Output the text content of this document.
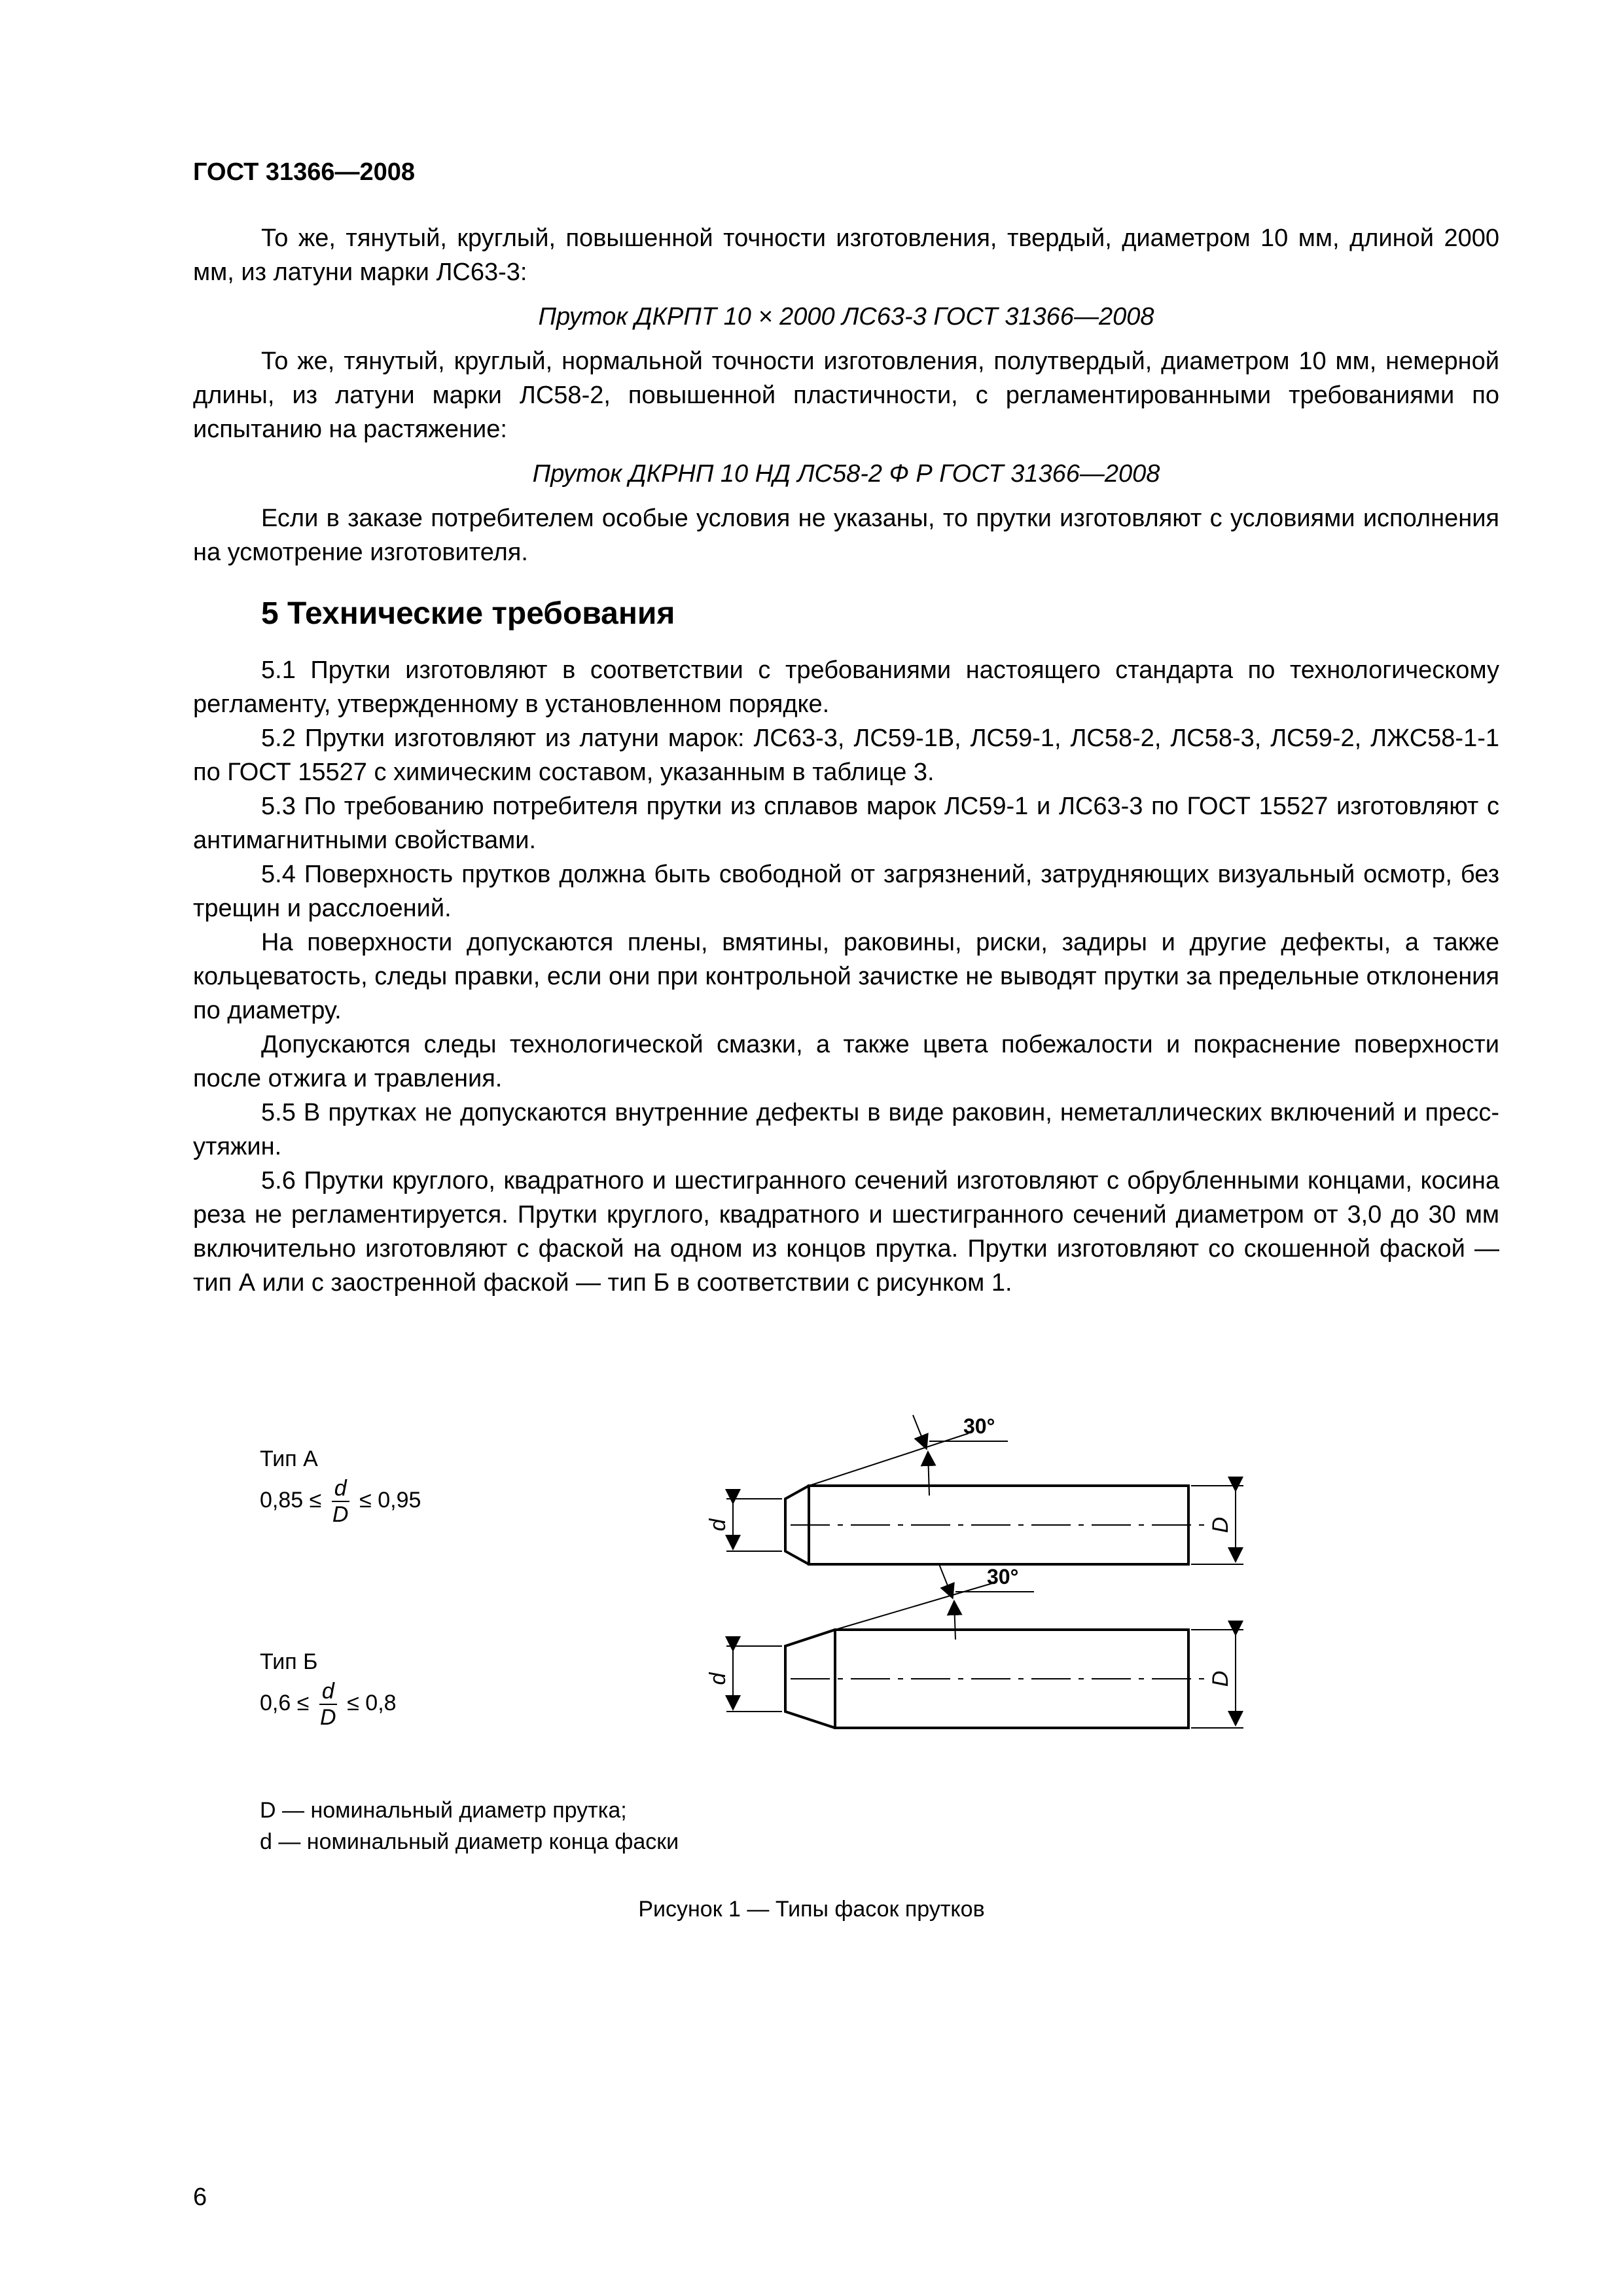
ГОСТ 31366—2008

То же, тянутый, круглый, повышенной точности изготовления, твердый, диаметром 10 мм, длиной 2000 мм, из латуни марки ЛС63-3:

Пруток ДКРПТ 10 × 2000 ЛС63-3 ГОСТ 31366—2008

То же, тянутый, круглый, нормальной точности изготовления, полутвердый, диаметром 10 мм, немерной длины, из латуни марки ЛС58-2, повышенной пластичности, с регламентированными требованиями по испытанию на растяжение:

Пруток ДКРНП 10 НД ЛС58-2 Ф Р ГОСТ 31366—2008

Если в заказе потребителем особые условия не указаны, то прутки изготовляют с условиями исполнения на усмотрение изготовителя.

5 Технические требования

5.1 Прутки изготовляют в соответствии с требованиями настоящего стандарта по технологическому регламенту, утвержденному в установленном порядке.

5.2 Прутки изготовляют из латуни марок: ЛС63-3, ЛС59-1В, ЛС59-1, ЛС58-2, ЛС58-3, ЛС59-2, ЛЖС58-1-1 по ГОСТ 15527 с химическим составом, указанным в таблице 3.

5.3 По требованию потребителя прутки из сплавов марок ЛС59-1 и ЛС63-3 по ГОСТ 15527 изготовляют с антимагнитными свойствами.

5.4 Поверхность прутков должна быть свободной от загрязнений, затрудняющих визуальный осмотр, без трещин и расслоений.

На поверхности допускаются плены, вмятины, раковины, риски, задиры и другие дефекты, а также кольцеватость, следы правки, если они при контрольной зачистке не выводят прутки за предельные отклонения по диаметру.

Допускаются следы технологической смазки, а также цвета побежалости и покраснение поверхности после отжига и травления.

5.5 В прутках не допускаются внутренние дефекты в виде раковин, неметаллических включений и пресс-утяжин.

5.6 Прутки круглого, квадратного и шестигранного сечений изготовляют с обрубленными концами, косина реза не регламентируется. Прутки круглого, квадратного и шестигранного сечений диаметром от 3,0 до 30 мм включительно изготовляют с фаской на одном из концов прутка. Прутки изготовляют со скошенной фаской — тип А или с заостренной фаской — тип Б в соответствии с рисунком 1.

30°
30°
d	D
d	D
Тип А
$0,85 \le \frac{d}{D} \le 0,95$
Тип Б
$0,6 \le \frac{d}{D} \le 0,8$
D — номинальный диаметр прутка;
d — номинальный диаметр конца фаски
Рисунок 1 — Типы фасок прутков
6
